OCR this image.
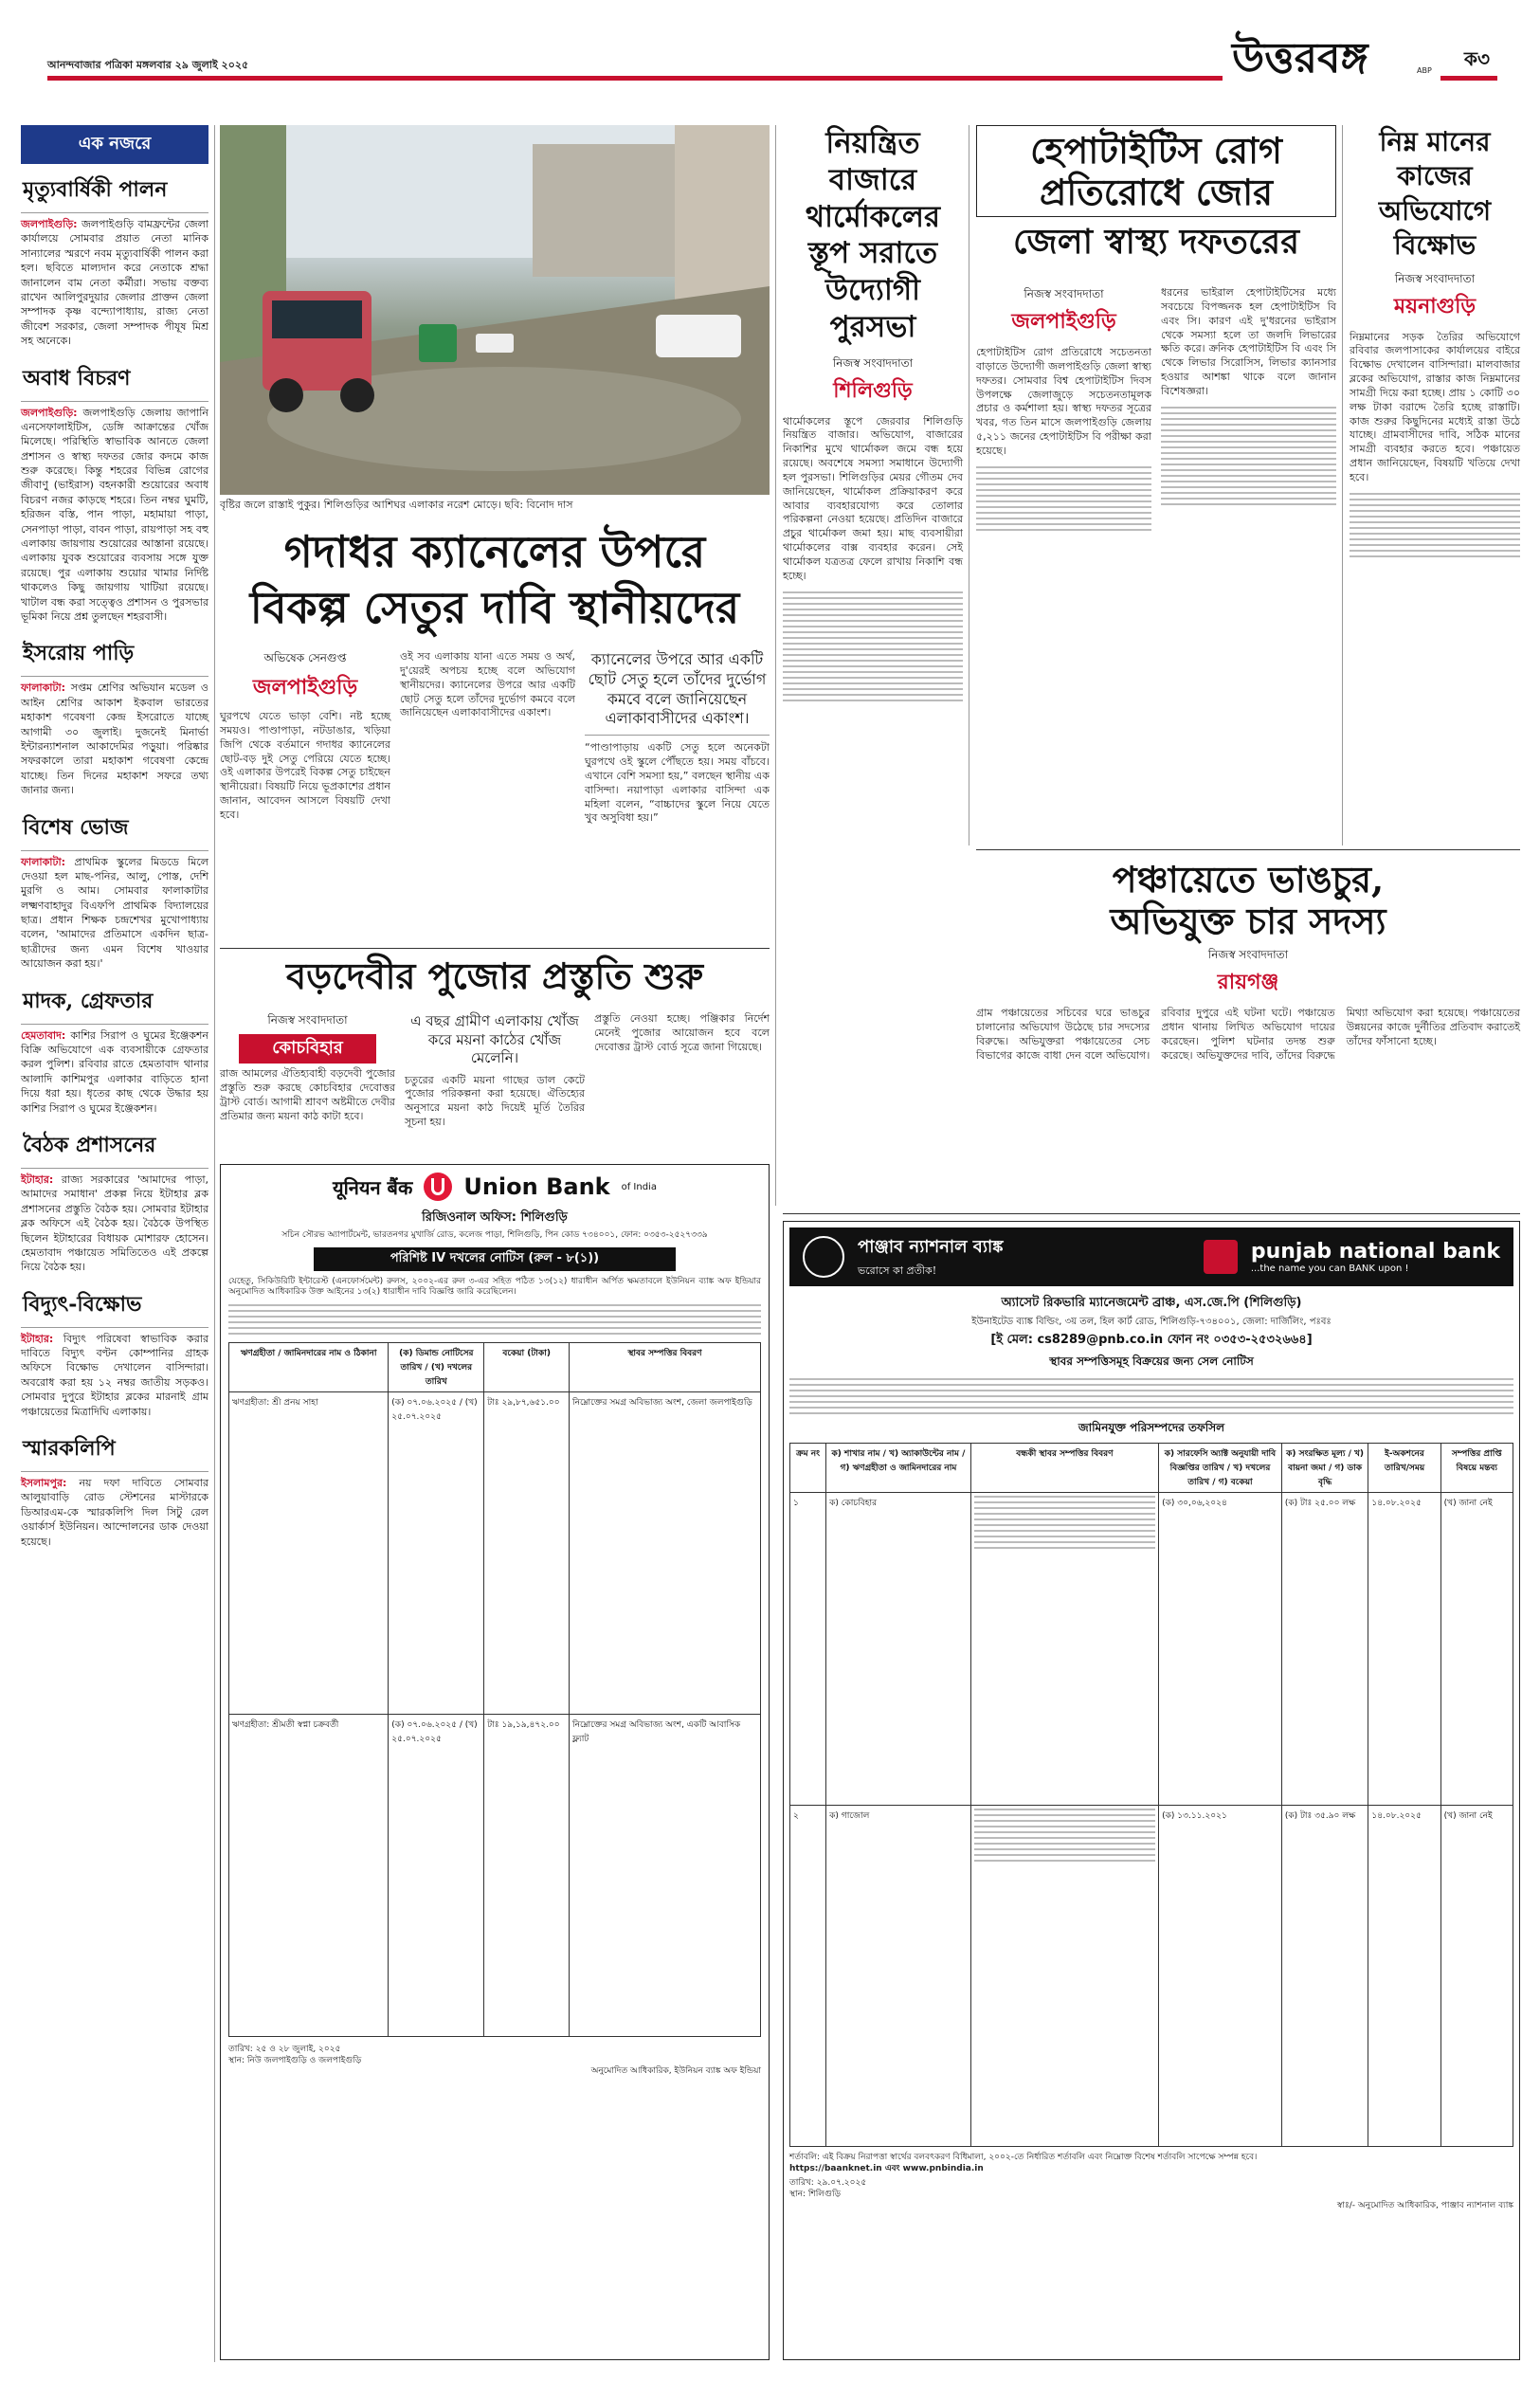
আনন্দবাজার পত্রিকা মঙ্গলবার ২৯ জুলাই ২০২৫	উত্তরবঙ্গ	ABP
ক৩
এক নজরে
মৃত্যুবার্ষিকী পালন
জলপাইগুড়ি: জলপাইগুড়ি বামফ্রন্টের জেলা কার্যালয়ে সোমবার প্রয়াত নেতা মানিক সান্যালের স্মরণে নবম মৃত্যুবার্ষিকী পালন করা হল। ছবিতে মাল্যদান করে নেতাকে শ্রদ্ধা জানালেন বাম নেতা কর্মীরা। সভায় বক্তব্য রাখেন আলিপুরদুয়ার জেলার প্রাক্তন জেলা সম্পাদক কৃষ্ণ বন্দ্যোপাধ্যায়, রাজ্য নেতা জীবেশ সরকার, জেলা সম্পাদক পীযূষ মিশ্র সহ অনেকে।
অবাধ বিচরণ
জলপাইগুড়ি: জলপাইগুড়ি জেলায় জাপানি এনসেফালাইটিস, ডেঙ্গি আক্রান্তের খোঁজ মিলেছে। পরিস্থিতি স্বাভাবিক আনতে জেলা প্রশাসন ও স্বাস্থ্য দফতর জোর কদমে কাজ শুরু করেছে। কিন্তু শহরের বিভিন্ন রোগের জীবাণু (ভাইরাস) বহনকারী শুয়োরের অবাধ বিচরণ নজর কাড়ছে শহরে। তিন নম্বর ঘুমটি, হরিজন বস্তি, পান পাড়া, মহামায়া পাড়া, সেনপাড়া পাড়া, বাবন পাড়া, রায়পাড়া সহ বহু এলাকায় জায়গায় শুয়োরের আস্তানা রয়েছে। এলাকায় যুবক শুয়োরের ব্যবসায় সঙ্গে যুক্ত রয়েছে। পুর এলাকায় শুয়োর খামার নির্দিষ্ট থাকলেও কিছু জায়গায় খাটিয়া রয়েছে। খাটাল বন্ধ করা সত্ত্বেও প্রশাসন ও পুরসভার ভূমিকা নিয়ে প্রশ্ন তুলছেন শহরবাসী।
ইসরোয় পাড়ি
ফালাকাটা: সপ্তম শ্রেণির অভিযান মডেল ও আইন শ্রেণির আকাশ ইকবাল ভারতের মহাকাশ গবেষণা কেন্দ্র ইসরোতে যাচ্ছে আগামী ৩০ জুলাই। দুজনেই মিনার্ভা ইন্টারন্যাশনাল আকাদেমির পড়ুয়া। পরিষ্কার সফরকালে তারা মহাকাশ গবেষণা কেন্দ্রে যাচ্ছে। তিন দিনের মহাকাশ সফরে তথ্য জানার জন্য।
বিশেষ ভোজ
ফালাকাটা: প্রাথমিক স্কুলের মিডডে মিলে দেওয়া হল মাছ-পনির, আলু, পোস্ত, দেশি মুরগি ও আম। সোমবার ফালাকাটার লক্ষ্মণবাহাদুর বিএফপি প্রাথমিক বিদ্যালয়ের ছাত্র। প্রধান শিক্ষক চন্দ্রশেখর মুখোপাধ্যায় বলেন, 'আমাদের প্রতিমাসে একদিন ছাত্র-ছাত্রীদের জন্য এমন বিশেষ খাওয়ার আয়োজন করা হয়।'
মাদক, গ্রেফতার
হেমতাবাদ: কাশির সিরাপ ও ঘুমের ইঞ্জেকশন বিক্রি অভিযোগে এক ব্যবসায়ীকে গ্রেফতার করল পুলিশ। রবিবার রাতে হেমতাবাদ থানার আলাদি কাশিমপুর এলাকার বাড়িতে হানা দিয়ে ধরা হয়। ধৃতের কাছ থেকে উদ্ধার হয় কাশির সিরাপ ও ঘুমের ইঞ্জেকশন।
বৈঠক প্রশাসনের
ইটাহার: রাজ্য সরকারের 'আমাদের পাড়া, আমাদের সমাধান' প্রকল্প নিয়ে ইটাহার ব্লক প্রশাসনের প্রস্তুতি বৈঠক হয়। সোমবার ইটাহার ব্লক অফিসে এই বৈঠক হয়। বৈঠকে উপস্থিত ছিলেন ইটাহারের বিধায়ক মোশারফ হোসেন। হেমতাবাদ পঞ্চায়েত সমিতিতেও এই প্রকল্পে নিয়ে বৈঠক হয়।
বিদ্যুৎ-বিক্ষোভ
ইটাহার: বিদ্যুৎ পরিষেবা স্বাভাবিক করার দাবিতে বিদ্যুৎ বণ্টন কোম্পানির গ্রাহক অফিসে বিক্ষোভ দেখালেন বাসিন্দারা। অবরোধ করা হয় ১২ নম্বর জাতীয় সড়কও। সোমবার দুপুরে ইটাহার ব্লকের মারনাই গ্রাম পঞ্চায়েতের মিত্রাদিঘি এলাকায়।
স্মারকলিপি
ইসলামপুর: নয় দফা দাবিতে সোমবার আলুয়াবাড়ি রোড স্টেশনের মাস্টারকে ডিআরএম-কে স্মারকলিপি দিল সিটু রেল ওয়ার্কার্স ইউনিয়ন। আন্দোলনের ডাক দেওয়া হয়েছে।
বৃষ্টির জলে রাস্তাই পুকুর। শিলিগুড়ির আশিঘর এলাকার নরেশ মোড়ে। ছবি: বিনোদ দাস
গদাধর ক্যানেলের উপরে
বিকল্প সেতুর দাবি স্থানীয়দের
অভিষেক সেনগুপ্ত
জলপাইগুড়ি
ঘুরপথে যেতে ভাড়া বেশি। নষ্ট হচ্ছে সময়ও। পাণ্ডাপাড়া, নটডাঙার, খড়িয়া জিপি থেকে বর্তমানে গদাধর ক্যানেলের ছোট-বড় দুই সেতু পেরিয়ে যেতে হচ্ছে। ওই এলাকার উপরেই বিকল্প সেতু চাইছেন স্থানীয়েরা। বিষয়টি নিয়ে ভূপ্রকাশের প্রধান জানান, আবেদন আসলে বিষয়টি দেখা হবে।
ওই সব এলাকায় যানা এতে সময় ও অর্থ, দু'য়েরই অপচয় হচ্ছে বলে অভিযোগ স্থানীয়দের। ক্যানেলের উপরে আর একটি ছোট সেতু হলে তাঁদের দুর্ভোগ কমবে বলে জানিয়েছেন এলাকাবাসীদের একাংশ।
ক্যানেলের উপরে আর একটি ছোট সেতু হলে তাঁদের দুর্ভোগ কমবে বলে জানিয়েছেন এলাকাবাসীদের একাংশ।
“পাণ্ডাপাড়ায় একটি সেতু হলে অনেকটা ঘুরপথে ওই স্কুলে পৌঁছতে হয়। সময় বাঁচবে। এখানে বেশি সমস্যা হয়,” বলছেন স্থানীয় এক বাসিন্দা। নয়াপাড়া এলাকার বাসিন্দা এক মহিলা বলেন, “বাচ্চাদের স্কুলে নিয়ে যেতে খুব অসুবিধা হয়।”
বড়দেবীর পুজোর প্রস্তুতি শুরু
নিজস্ব সংবাদদাতা
কোচবিহার
রাজ আমলের ঐতিহ্যবাহী বড়দেবী পুজোর প্রস্তুতি শুরু করছে কোচবিহার দেবোত্তর ট্রাস্ট বোর্ড। আগামী শ্রাবণ অষ্টমীতে দেবীর প্রতিমার জন্য ময়না কাঠ কাটা হবে।
এ বছর গ্রামীণ এলাকায় খোঁজ করে ময়না কাঠের খোঁজ মেলেনি।
চতুরের একটি ময়না গাছের ডাল কেটে পুজোর পরিকল্পনা করা হয়েছে। ঐতিহ্যের অনুসারে ময়না কাঠ দিয়েই মূর্তি তৈরির সূচনা হয়।
প্রস্তুতি নেওয়া হচ্ছে। পঞ্জিকার নির্দেশ মেনেই পুজোর আয়োজন হবে বলে দেবোত্তর ট্রাস্ট বোর্ড সূত্রে জানা গিয়েছে।
यूनियन बैंक Union Bank of India
রিজিওনাল অফিস: শিলিগুড়ি
সচিন সৌরভ অ্যাপার্টমেন্ট, ভারতনগর মুখার্জি রোড, কলেজ পাড়া, শিলিগুড়ি, পিন কোড ৭৩৪০০১, ফোন: ০৩৫৩-২৫২৭৩৩৯
পরিশিষ্ট IV দখলের নোটিস (রুল - ৮(১))
যেহেতু, সিকিউরিটি ইন্টারেস্ট (এনফোর্সমেন্ট) রুলস, ২০০২-এর রুল ৩-এর সহিত পঠিত ১৩(১২) ধারাধীন অর্পিত ক্ষমতাবলে ইউনিয়ন ব্যাঙ্ক অফ ইন্ডিয়ার অনুমোদিত আধিকারিক উক্ত আইনের ১৩(২) ধারাধীন দাবি বিজ্ঞপ্তি জারি করেছিলেন।
ঋণগ্রহীতা / জামিনদারের নাম ও ঠিকানা	(ক) ডিমান্ড নোটিসের তারিখ / (খ) দখলের তারিখ	বকেয়া (টাকা)	স্থাবর সম্পত্তির বিবরণ
ঋণগ্রহীতা: শ্রী প্রনয় সাহা	(ক) ০৭.০৬.২০২৫ / (খ) ২৫.০৭.২০২৫	টাঃ ২৯,৮৭,৬৫১.০০	নিম্নোক্তের সমগ্র অবিভাজ্য অংশ, জেলা জলপাইগুড়ি
ঋণগ্রহীতা: শ্রীমতী স্বপ্না চক্রবর্তী	(ক) ০৭.০৬.২০২৫ / (খ) ২৫.০৭.২০২৫	টাঃ ১৯,১৯,৪৭২.০০	নিম্নোক্তের সমগ্র অবিভাজ্য অংশ, একটি আবাসিক ফ্ল্যাট
তারিখ: ২৫ ও ২৮ জুলাই, ২০২৫
স্থান: নিউ জলপাইগুড়ি ও জলপাইগুড়ি
অনুমোদিত আধিকারিক, ইউনিয়ন ব্যাঙ্ক অফ ইন্ডিয়া
নিয়ন্ত্রিত বাজারে থার্মোকলের স্তূপ সরাতে উদ্যোগী পুরসভা
নিজস্ব সংবাদদাতা
শিলিগুড়ি
থার্মোকলের স্তূপে জেরবার শিলিগুড়ি নিয়ন্ত্রিত বাজার। অভিযোগ, বাজারের নিকাশির মুখে থার্মোকল জমে বন্ধ হয়ে রয়েছে। অবশেষে সমস্যা সমাধানে উদ্যোগী হল পুরসভা। শিলিগুড়ির মেয়র গৌতম দেব জানিয়েছেন, থার্মোকল প্রক্রিয়াকরণ করে আবার ব্যবহারযোগ্য করে তোলার পরিকল্পনা নেওয়া হয়েছে। প্রতিদিন বাজারে প্রচুর থার্মোকল জমা হয়। মাছ ব্যবসায়ীরা থার্মোকলের বাক্স ব্যবহার করেন। সেই থার্মোকল যত্রতত্র ফেলে রাখায় নিকাশি বন্ধ হচ্ছে।
হেপাটাইটিস রোগ
প্রতিরোধে জোর
জেলা স্বাস্থ্য দফতরের
নিজস্ব সংবাদদাতা
জলপাইগুড়ি
হেপাটাইটিস রোগ প্রতিরোধে সচেতনতা বাড়াতে উদ্যোগী জলপাইগুড়ি জেলা স্বাস্থ্য দফতর। সোমবার বিশ্ব হেপাটাইটিস দিবস উপলক্ষে জেলাজুড়ে সচেতনতামূলক প্রচার ও কর্মশালা হয়। স্বাস্থ্য দফতর সূত্রের খবর, গত তিন মাসে জলপাইগুড়ি জেলায় ৫,২১১ জনের হেপাটাইটিস বি পরীক্ষা করা হয়েছে।
ধরনের ভাইরাল হেপাটাইটিসের মধ্যে সবচেয়ে বিপজ্জনক হল হেপাটাইটিস বি এবং সি। কারণ এই দু'ধরনের ভাইরাস থেকে সমস্যা হলে তা জলদি লিভারের ক্ষতি করে। ক্রনিক হেপাটাইটিস বি এবং সি থেকে লিভার সিরোসিস, লিভার ক্যানসার হওয়ার আশঙ্কা থাকে বলে জানান বিশেষজ্ঞরা।
নিম্ন মানের কাজের অভিযোগে বিক্ষোভ
নিজস্ব সংবাদদাতা
ময়নাগুড়ি
নিম্নমানের সড়ক তৈরির অভিযোগে রবিবার জলপাসাকের কার্যালয়ের বাইরে বিক্ষোভ দেখালেন বাসিন্দারা। মালবাজার ব্লকের অভিযোগ, রাস্তার কাজ নিম্নমানের সামগ্রী দিয়ে করা হচ্ছে। প্রায় ১ কোটি ৩০ লক্ষ টাকা বরাদ্দে তৈরি হচ্ছে রাস্তাটি। কাজ শুরুর কিছুদিনের মধ্যেই রাস্তা উঠে যাচ্ছে। গ্রামবাসীদের দাবি, সঠিক মানের সামগ্রী ব্যবহার করতে হবে। পঞ্চায়েত প্রধান জানিয়েছেন, বিষয়টি খতিয়ে দেখা হবে।
পঞ্চায়েতে ভাঙচুর,
অভিযুক্ত চার সদস্য
নিজস্ব সংবাদদাতা
রায়গঞ্জ
গ্রাম পঞ্চায়েতের সচিবের ঘরে ভাঙচুর চালানোর অভিযোগ উঠেছে চার সদস্যের বিরুদ্ধে। অভিযুক্তরা পঞ্চায়েতের সেচ বিভাগের কাজে বাধা দেন বলে অভিযোগ। রবিবার দুপুরে এই ঘটনা ঘটে। পঞ্চায়েত প্রধান থানায় লিখিত অভিযোগ দায়ের করেছেন। পুলিশ ঘটনার তদন্ত শুরু করেছে। অভিযুক্তদের দাবি, তাঁদের বিরুদ্ধে মিথ্যা অভিযোগ করা হয়েছে। পঞ্চায়েতের উন্নয়নের কাজে দুর্নীতির প্রতিবাদ করাতেই তাঁদের ফাঁসানো হচ্ছে।
পাঞ্জাব ন্যাশনাল ব্যাঙ্ক
ভরোসে কা প্রতীক!
punjab national bank
...the name you can BANK upon !
অ্যাসেট রিকভারি ম্যানেজমেন্ট ব্রাঞ্চ, এস.জে.পি (শিলিগুড়ি)
ইউনাইটেড ব্যাঙ্ক বিল্ডিং, ৩য় তল, হিল কার্ট রোড, শিলিগুড়ি-৭৩৪০০১, জেলা: দার্জিলিং, পঃবঃ
[ই মেল: cs8289@pnb.co.in ফোন নং ০৩৫৩-২৫৩২৬৬৪]
স্থাবর সম্পত্তিসমূহ বিক্রয়ের জন্য সেল নোটিস
জামিনযুক্ত পরিসম্পদের তফসিল
ক্রম নং	ক) শাখার নাম / খ) অ্যাকাউন্টের নাম / গ) ঋণগ্রহীতা ও জামিনদারের নাম	বন্ধকী স্থাবর সম্পত্তির বিবরণ	ক) সারফেসি অ্যাক্ট অনুযায়ী দাবি বিজ্ঞপ্তির তারিখ / খ) দখলের তারিখ / গ) বকেয়া	ক) সংরক্ষিত মূল্য / খ) বায়না জমা / গ) ডাক বৃদ্ধি	ই-অকশনের তারিখ/সময়	সম্পত্তির প্রাপ্তি বিষয়ে মন্তব্য
১	ক) কোচবিহার		(ক) ৩০,০৬,২০২৪	(ক) টাঃ ২৫.০০ লক্ষ	১৪.০৮.২০২৫	(খ) জানা নেই
২	ক) গাজোল		(ক) ১৩.১১.২০২১	(ক) টাঃ ৩৫.৯০ লক্ষ	১৪.০৮.২০২৫	(খ) জানা নেই
শর্তাবলি: এই বিক্রয় নিরাপত্তা স্বার্থের বলবৎকরণ বিধিমালা, ২০০২-তে নির্ধারিত শর্তাবলি এবং নিম্নোক্ত বিশেষ শর্তাবলি সাপেক্ষে সম্পন্ন হবে।
https://baanknet.in এবং www.pnbindia.in
তারিখ: ২৯.০৭.২০২৫
স্থান: শিলিগুড়ি
স্বাঃ/- অনুমোদিত আধিকারিক, পাঞ্জাব ন্যাশনাল ব্যাঙ্ক
